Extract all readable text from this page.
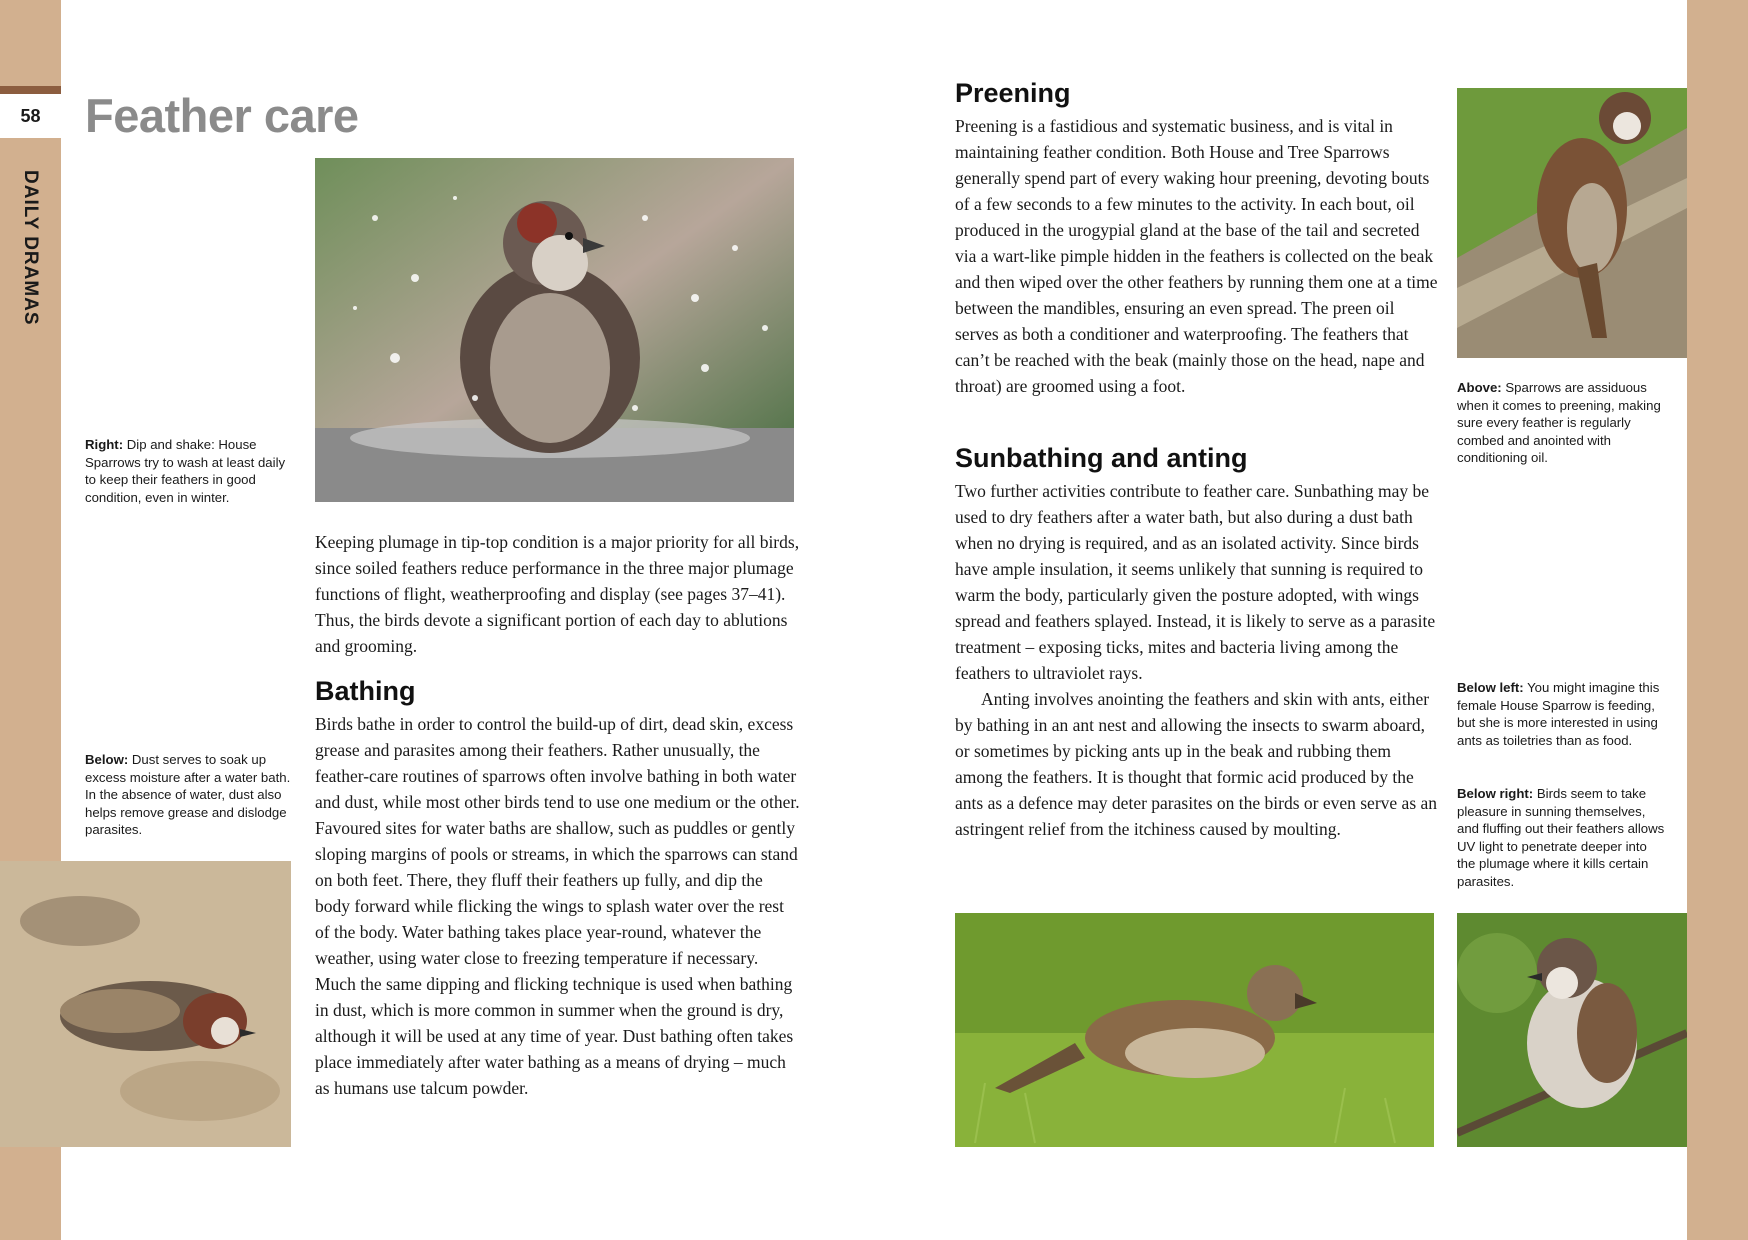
58
DAILY DRAMAS
Feather care
Right: Dip and shake: House Sparrows try to wash at least daily to keep their feathers in good condition, even in winter.
Below: Dust serves to soak up excess moisture after a water bath. In the absence of water, dust also helps remove grease and dislodge parasites.

Keeping plumage in tip-top condition is a major priority for all birds, since soiled feathers reduce performance in the three major plumage functions of flight, weatherproofing and display (see pages 37–41). Thus, the birds devote a significant portion of each day to ablutions and grooming.

Bathing

Birds bathe in order to control the build-up of dirt, dead skin, excess grease and parasites among their feathers. Rather unusually, the feather-care routines of sparrows often involve bathing in both water and dust, while most other birds tend to use one medium or the other. Favoured sites for water baths are shallow, such as puddles or gently sloping margins of pools or streams, in which the sparrows can stand on both feet. There, they fluff their feathers up fully, and dip the body forward while flicking the wings to splash water over the rest of the body. Water bathing takes place year-round, whatever the weather, using water close to freezing temperature if necessary. Much the same dipping and flicking technique is used when bathing in dust, which is more common in summer when the ground is dry, although it will be used at any time of year. Dust bathing often takes place immediately after water bathing as a means of drying – much as humans use talcum powder.

Preening

Preening is a fastidious and systematic business, and is vital in maintaining feather condition. Both House and Tree Sparrows generally spend part of every waking hour preening, devoting bouts of a few seconds to a few minutes to the activity. In each bout, oil produced in the urogypial gland at the base of the tail and secreted via a wart-like pimple hidden in the feathers is collected on the beak and then wiped over the other feathers by running them one at a time between the mandibles, ensuring an even spread. The preen oil serves as both a conditioner and waterproofing. The feathers that can’t be reached with the beak (mainly those on the head, nape and throat) are groomed using a foot.

Sunbathing and anting

Two further activities contribute to feather care. Sunbathing may be used to dry feathers after a water bath, but also during a dust bath when no drying is required, and as an isolated activity. Since birds have ample insulation, it seems unlikely that sunning is required to warm the body, particularly given the posture adopted, with wings spread and feathers splayed. Instead, it is likely to serve as a parasite treatment – exposing ticks, mites and bacteria living among the feathers to ultraviolet rays.

Anting involves anointing the feathers and skin with ants, either by bathing in an ant nest and allowing the insects to swarm aboard, or sometimes by picking ants up in the beak and rubbing them among the feathers. It is thought that formic acid produced by the ants as a defence may deter parasites on the birds or even serve as an astringent relief from the itchiness caused by moulting.

Above: Sparrows are assiduous when it comes to preening, making sure every feather is regularly combed and anointed with conditioning oil.
Below left: You might imagine this female House Sparrow is feeding, but she is more interested in using ants as toiletries than as food.
Below right: Birds seem to take pleasure in sunning themselves, and fluffing out their feathers allows UV light to penetrate deeper into the plumage where it kills certain parasites.
